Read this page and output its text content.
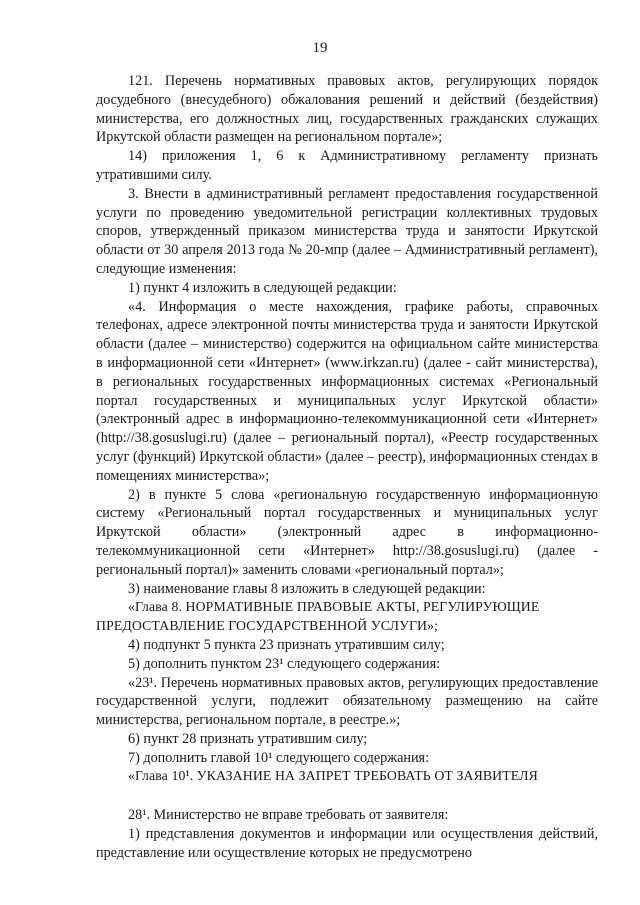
19

121. Перечень нормативных правовых актов, регулирующих порядок досудебного (внесудебного) обжалования решений и действий (бездействия) министерства, его должностных лиц, государственных гражданских служащих Иркутской области размещен на региональном портале»;

14) приложения 1, 6 к Административному регламенту признать утратившими силу.

3. Внести в административный регламент предоставления государственной услуги по проведению уведомительной регистрации коллективных трудовых споров, утвержденный приказом министерства труда и занятости Иркутской области от 30 апреля 2013 года № 20-мпр (далее – Административный регламент), следующие изменения:

1) пункт 4 изложить в следующей редакции:

«4. Информация о месте нахождения, графике работы, справочных телефонах, адресе электронной почты министерства труда и занятости Иркутской области (далее – министерство) содержится на официальном сайте министерства в информационной сети «Интернет» (www.irkzan.ru) (далее - сайт министерства), в региональных государственных информационных системах «Региональный портал государственных и муниципальных услуг Иркутской области» (электронный адрес в информационно-телекоммуникационной сети «Интернет» (http://38.gosuslugi.ru) (далее – региональный портал), «Реестр государственных услуг (функций) Иркутской области» (далее – реестр), информационных стендах в помещениях министерства»;

2) в пункте 5 слова «региональную государственную информационную систему «Региональный портал государственных и муниципальных услуг Иркутской области» (электронный адрес в информационно-телекоммуникационной сети «Интернет» http://38.gosuslugi.ru) (далее - региональный портал)» заменить словами «региональный портал»;

3) наименование главы 8 изложить в следующей редакции:

«Глава 8. НОРМАТИВНЫЕ ПРАВОВЫЕ АКТЫ, РЕГУЛИРУЮЩИЕ ПРЕДОСТАВЛЕНИЕ ГОСУДАРСТВЕННОЙ УСЛУГИ»;

4) подпункт 5 пункта 23 признать утратившим силу;

5) дополнить пунктом 23¹ следующего содержания:

«23¹. Перечень нормативных правовых актов, регулирующих предоставление государственной услуги, подлежит обязательному размещению на сайте министерства, региональном портале, в реестре.»;

6) пункт 28 признать утратившим силу;

7) дополнить главой 10¹ следующего содержания:

«Глава 10¹. УКАЗАНИЕ НА ЗАПРЕТ ТРЕБОВАТЬ ОТ ЗАЯВИТЕЛЯ

28¹. Министерство не вправе требовать от заявителя:

1) представления документов и информации или осуществления действий, представление или осуществление которых не предусмотрено
